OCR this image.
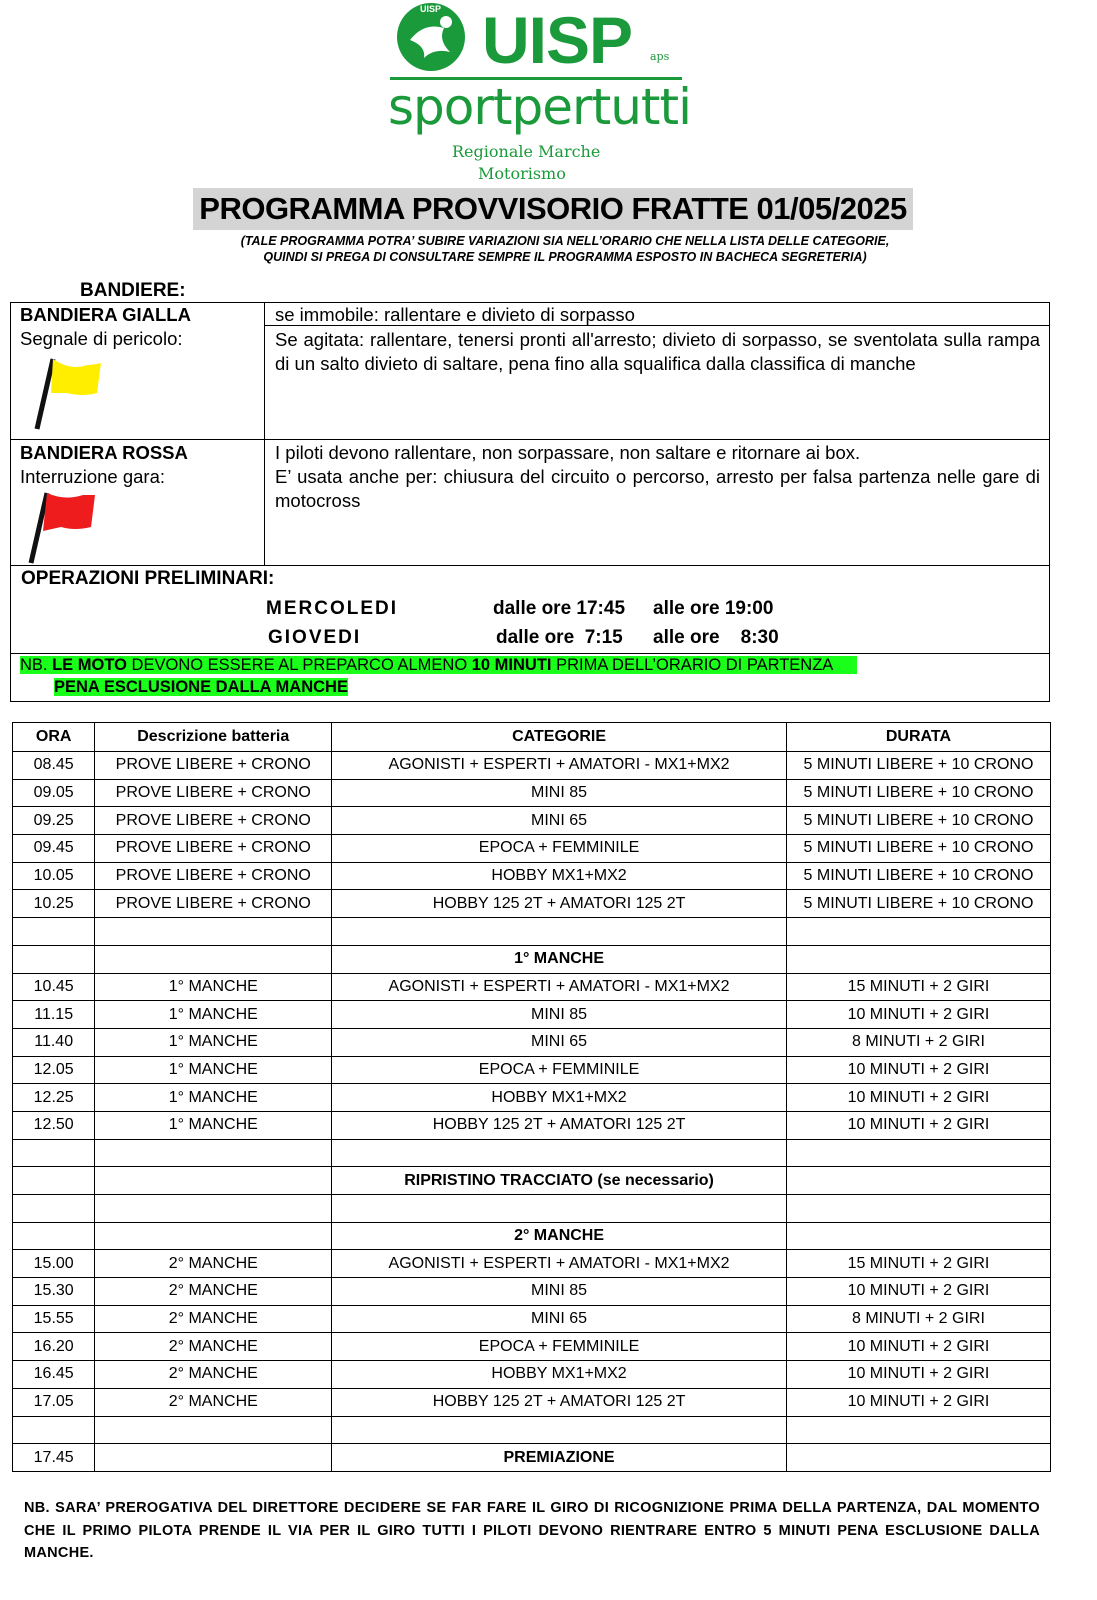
UISP UISP aps
sportpertutti
Regionale Marche
Motorismo
PROGRAMMA PROVVISORIO FRATTE 01/05/2025
(TALE PROGRAMMA POTRA’ SUBIRE VARIAZIONI SIA NELL’ORARIO CHE NELLA LISTA DELLE CATEGORIE,
QUINDI SI PREGA DI CONSULTARE SEMPRE IL PROGRAMMA ESPOSTO IN BACHECA SEGRETERIA)
BANDIERE:
BANDIERA GIALLA
Segnale di pericolo:
se immobile: rallentare e divieto di sorpasso
Se agitata: rallentare, tenersi pronti all'arresto; divieto di sorpasso, se sventolata sulla rampa di un salto divieto di saltare, pena fino alla squalifica dalla classifica di manche
BANDIERA ROSSA
Interruzione gara:
I piloti devono rallentare, non sorpassare, non saltare e ritornare ai box.
E’ usata anche per: chiusura del circuito o percorso, arresto per falsa partenza nelle gare di motocross
OPERAZIONI PRELIMINARI:
MERCOLEDI	dalle ore 17:45 alle ore 19:00
GIOVEDI	dalle ore  7:15 alle ore    8:30
NB. LE MOTO DEVONO ESSERE AL PREPARCO ALMENO 10 MINUTI PRIMA DELL’ORARIO DI PARTENZA
PENA ESCLUSIONE DALLA MANCHE
ORA	Descrizione batteria	CATEGORIE	DURATA
08.45	PROVE LIBERE + CRONO	AGONISTI + ESPERTI + AMATORI - MX1+MX2	5 MINUTI LIBERE + 10 CRONO
09.05	PROVE LIBERE + CRONO	MINI 85	5 MINUTI LIBERE + 10 CRONO
09.25	PROVE LIBERE + CRONO	MINI 65	5 MINUTI LIBERE + 10 CRONO
09.45	PROVE LIBERE + CRONO	EPOCA + FEMMINILE	5 MINUTI LIBERE + 10 CRONO
10.05	PROVE LIBERE + CRONO	HOBBY MX1+MX2	5 MINUTI LIBERE + 10 CRONO
10.25	PROVE LIBERE + CRONO	HOBBY 125 2T + AMATORI 125 2T	5 MINUTI LIBERE + 10 CRONO

		1° MANCHE	
10.45	1° MANCHE	AGONISTI + ESPERTI + AMATORI - MX1+MX2	15 MINUTI + 2 GIRI
11.15	1° MANCHE	MINI 85	10 MINUTI + 2 GIRI
11.40	1° MANCHE	MINI 65	8 MINUTI + 2 GIRI
12.05	1° MANCHE	EPOCA + FEMMINILE	10 MINUTI + 2 GIRI
12.25	1° MANCHE	HOBBY MX1+MX2	10 MINUTI + 2 GIRI
12.50	1° MANCHE	HOBBY 125 2T + AMATORI 125 2T	10 MINUTI + 2 GIRI

		RIPRISTINO TRACCIATO (se necessario)	

		2° MANCHE	
15.00	2° MANCHE	AGONISTI + ESPERTI + AMATORI - MX1+MX2	15 MINUTI + 2 GIRI
15.30	2° MANCHE	MINI 85	10 MINUTI + 2 GIRI
15.55	2° MANCHE	MINI 65	8 MINUTI + 2 GIRI
16.20	2° MANCHE	EPOCA + FEMMINILE	10 MINUTI + 2 GIRI
16.45	2° MANCHE	HOBBY MX1+MX2	10 MINUTI + 2 GIRI
17.05	2° MANCHE	HOBBY 125 2T + AMATORI 125 2T	10 MINUTI + 2 GIRI

17.45		PREMIAZIONE	
NB. SARA’ PREROGATIVA DEL DIRETTORE DECIDERE SE FAR FARE IL GIRO DI RICOGNIZIONE PRIMA DELLA PARTENZA, DAL MOMENTO CHE IL PRIMO PILOTA PRENDE IL VIA PER IL GIRO TUTTI I PILOTI DEVONO RIENTRARE ENTRO 5 MINUTI PENA ESCLUSIONE DALLA MANCHE.
